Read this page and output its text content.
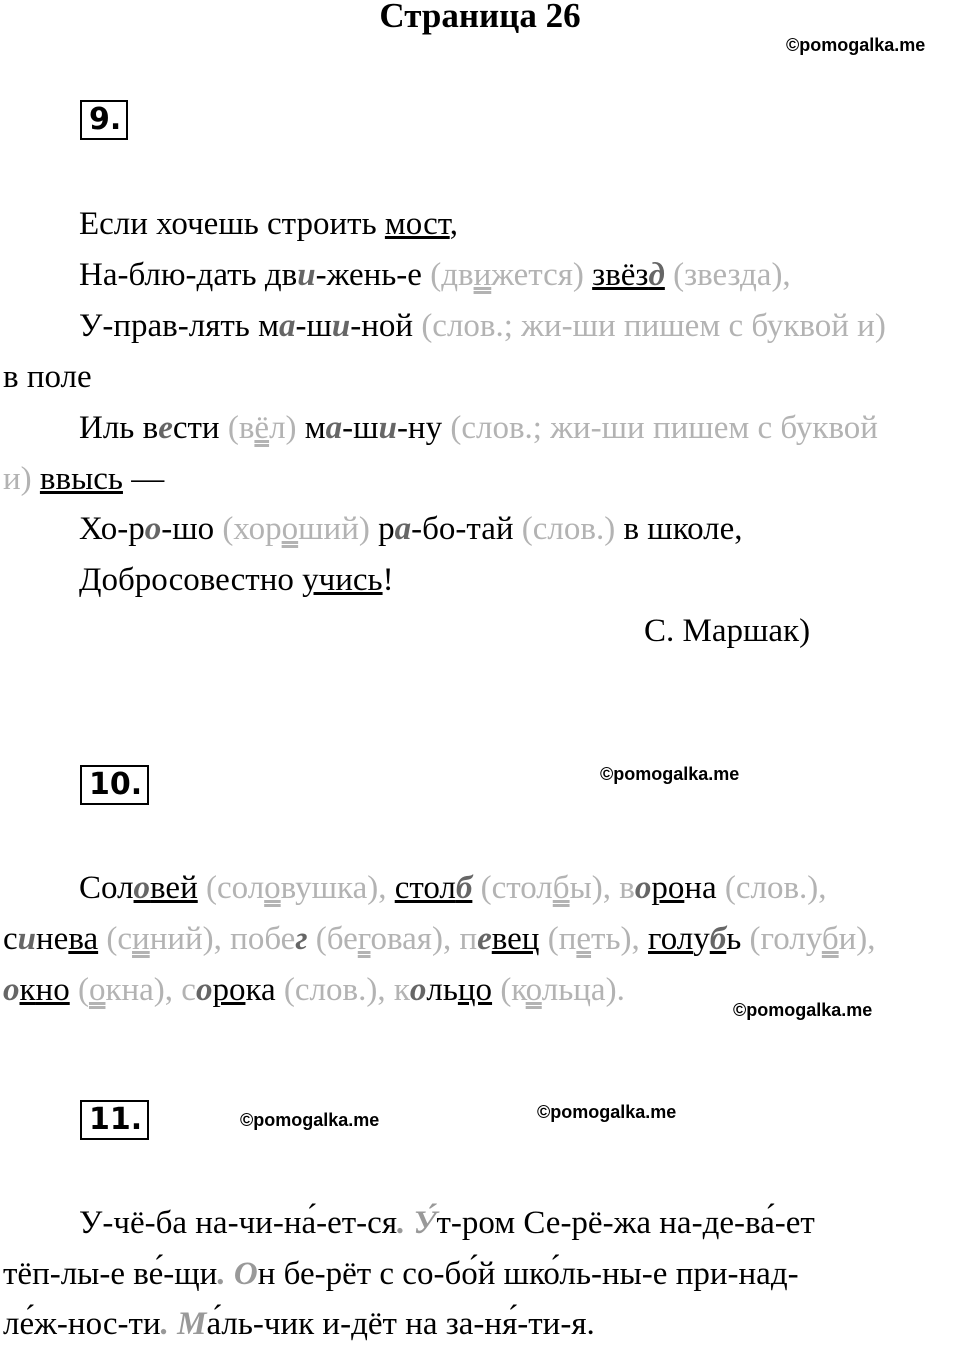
Страница 26
©pomogalka.me
©pomogalka.me
©pomogalka.me
©pomogalka.me	©pomogalka.me
9.
Если хочешь строить мост,
На-блю-дать дви-жень-е (движется) звёзд (звезда),
У-прав-лять ма-ши-ной (слов.; жи-ши пишем с буквой и)
в поле
Иль вести (вёл) ма-ши-ну (слов.; жи-ши пишем с буквой
и) ввысь —
Хо-ро-шо (хороший) ра-бо-тай (слов.) в школе,
Добросовестно учись!
С. Маршак)
10.
Соловей (соловушка), столб (столбы), ворона (слов.),
синева (синий), побег (беговая), певец (петь), голубь (голуби),
окно (окна), сорока (слов.), кольцо (кольца).
11.
У-чё-ба на-чи-на́-ет-ся. У́т-ром Се-рё-жа на-де-ва́-ет
тёп-лы-е ве́-щи. Он бе-рёт с со-бо́й шко́ль-ны-е при-над-
ле́ж-нос-ти. Ма́ль-чик и-дёт на за-ня́-ти-я.
